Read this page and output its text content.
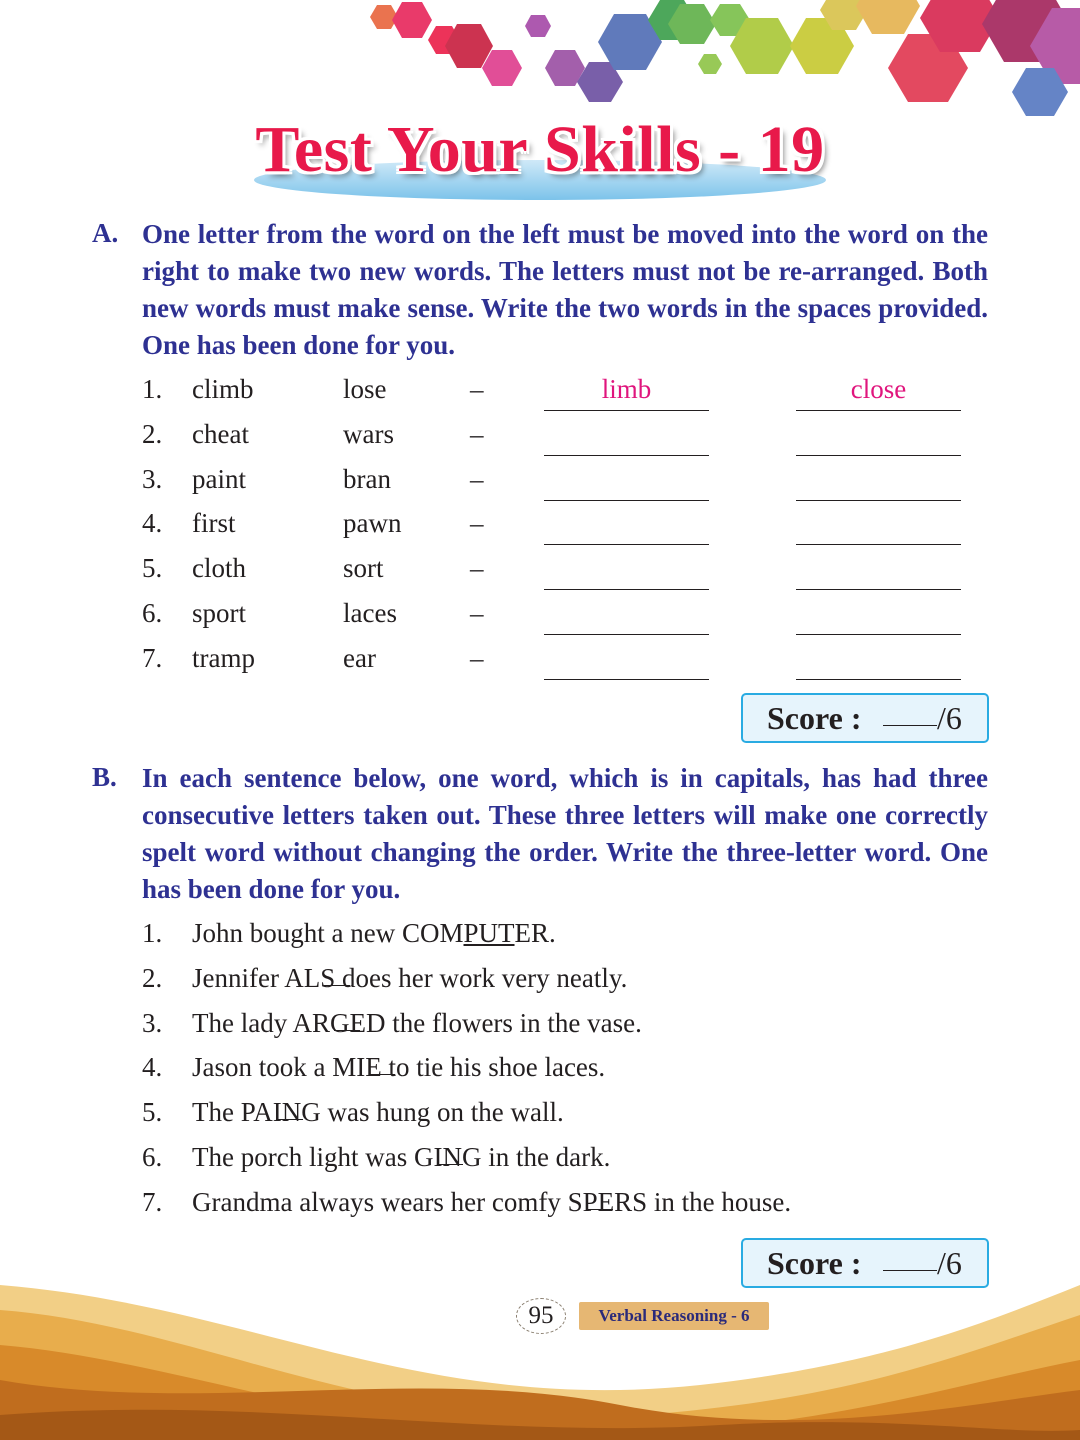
Test Your Skills - 19
A. One letter from the word on the left must be moved into the word on the right to make two new words. The letters must not be re-arranged. Both new words must make sense. Write the two words in the spaces provided. One has been done for you.
1. climb	lose	–	limb	close
2. cheat	wars	–
3. paint	bran	–
4. first	pawn	–
5. cloth	sort	–
6. sport	laces	–
7. tramp	ear	–
Score : /6
B. In each sentence below, one word, which is in capitals, has had three consecutive letters taken out. These three letters will make one correctly spelt word without changing the order. Write the three-letter word. One has been done for you.
1. John bought a new COMPUTER.
2. Jennifer AL
S does her work very neatly.
3. The lady AR
GED the flowers in the vase.
4. Jason took a MI
E to tie his shoe laces.
5. The PA
ING was hung on the wall.
6. The porch light was G
ING in the dark.
7. Grandma always wears her comfy S
PERS in the house.
Score : /6
95	Verbal Reasoning - 6
